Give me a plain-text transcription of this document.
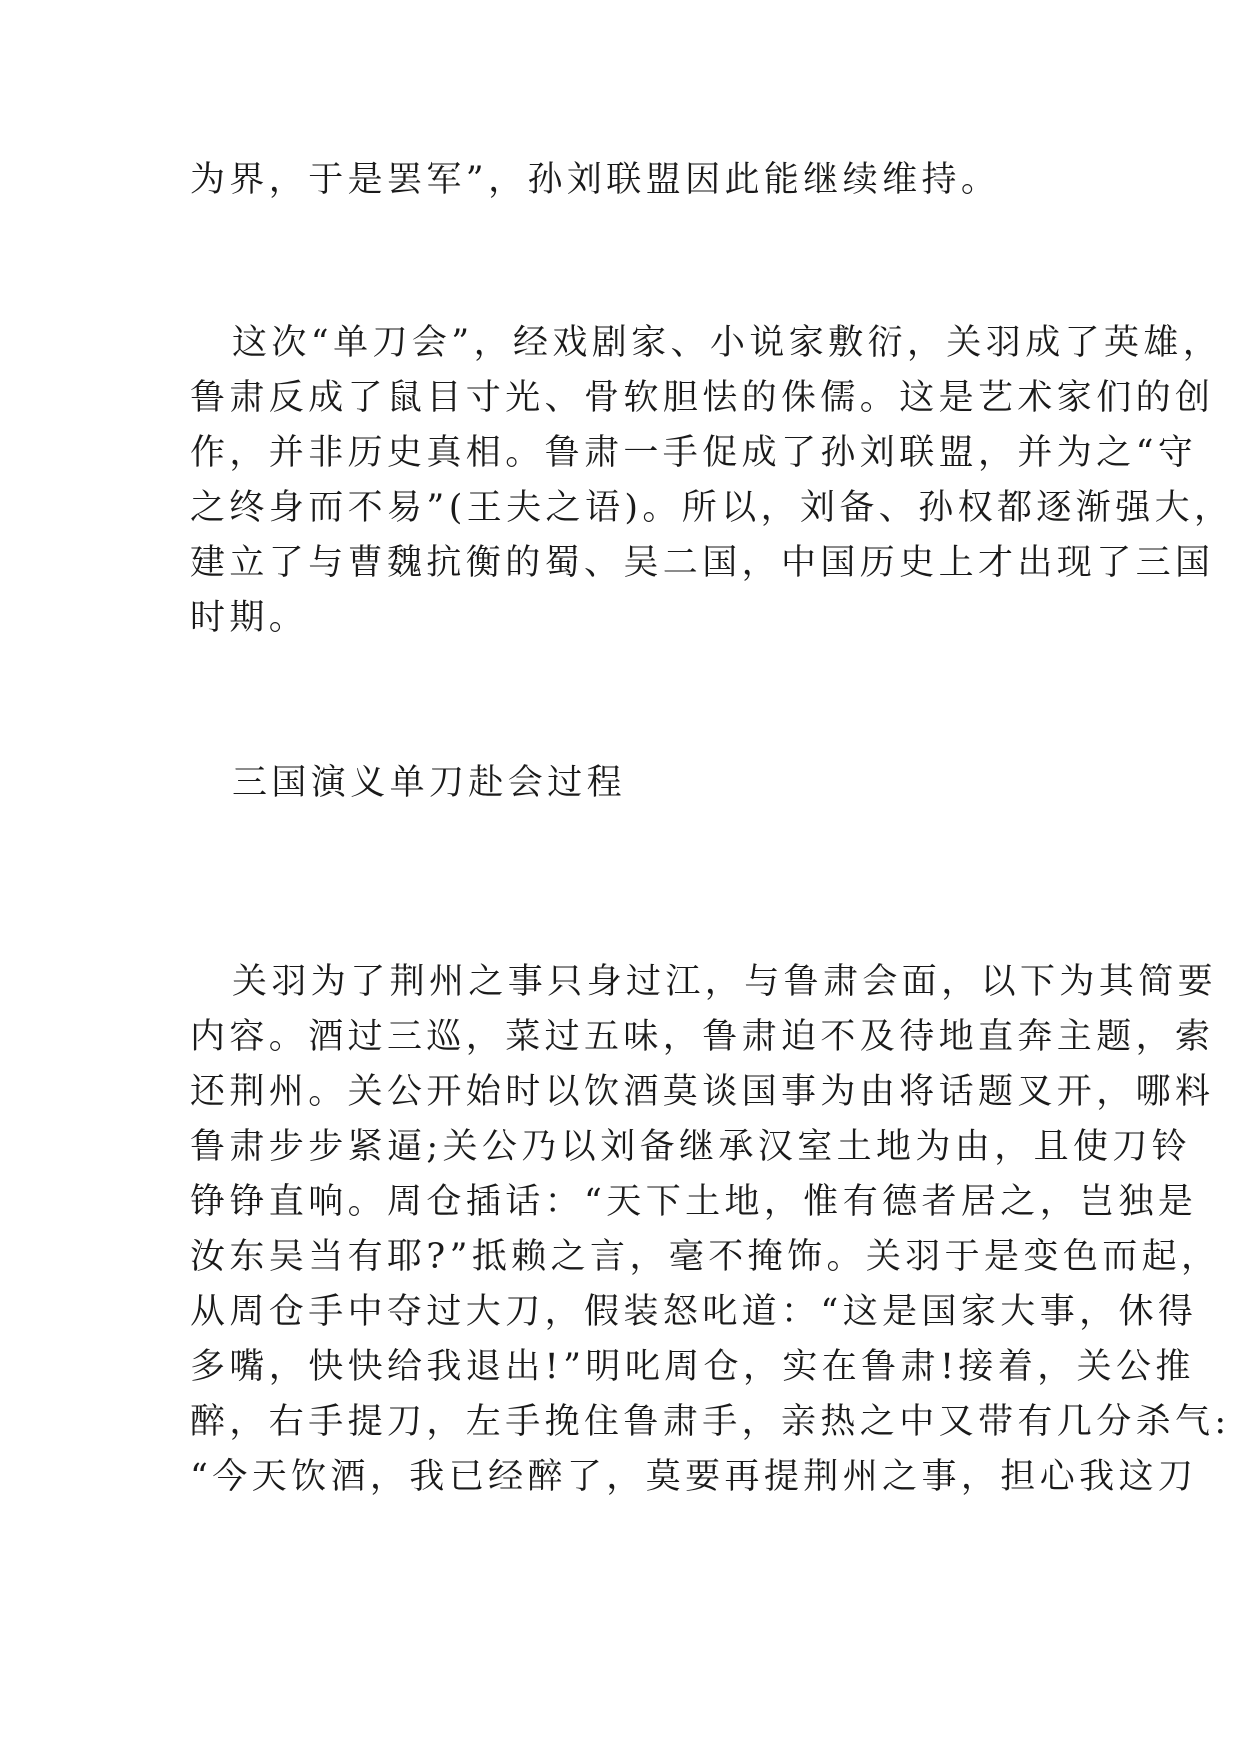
为界，于是罢军”，孙刘联盟因此能继续维持。
这次“单刀会”，经戏剧家、小说家敷衍，关羽成了英雄，
鲁肃反成了鼠目寸光、骨软胆怯的侏儒。这是艺术家们的创
作，并非历史真相。鲁肃一手促成了孙刘联盟，并为之“守
之终身而不易”(王夫之语)。所以，刘备、孙权都逐渐强大，
建立了与曹魏抗衡的蜀、吴二国，中国历史上才出现了三国
时期。
三国演义单刀赴会过程
关羽为了荆州之事只身过江，与鲁肃会面，以下为其简要
内容。酒过三巡，菜过五味，鲁肃迫不及待地直奔主题，索
还荆州。关公开始时以饮酒莫谈国事为由将话题叉开，哪料
鲁肃步步紧逼;关公乃以刘备继承汉室土地为由，且使刀铃
铮铮直响。周仓插话：“天下土地，惟有德者居之，岂独是
汝东吴当有耶?”抵赖之言，毫不掩饰。关羽于是变色而起，
从周仓手中夺过大刀，假装怒叱道：“这是国家大事，休得
多嘴，快快给我退出!”明叱周仓，实在鲁肃!接着，关公推
醉，右手提刀，左手挽住鲁肃手，亲热之中又带有几分杀气:
“今天饮酒，我已经醉了，莫要再提荆州之事，担心我这刀
